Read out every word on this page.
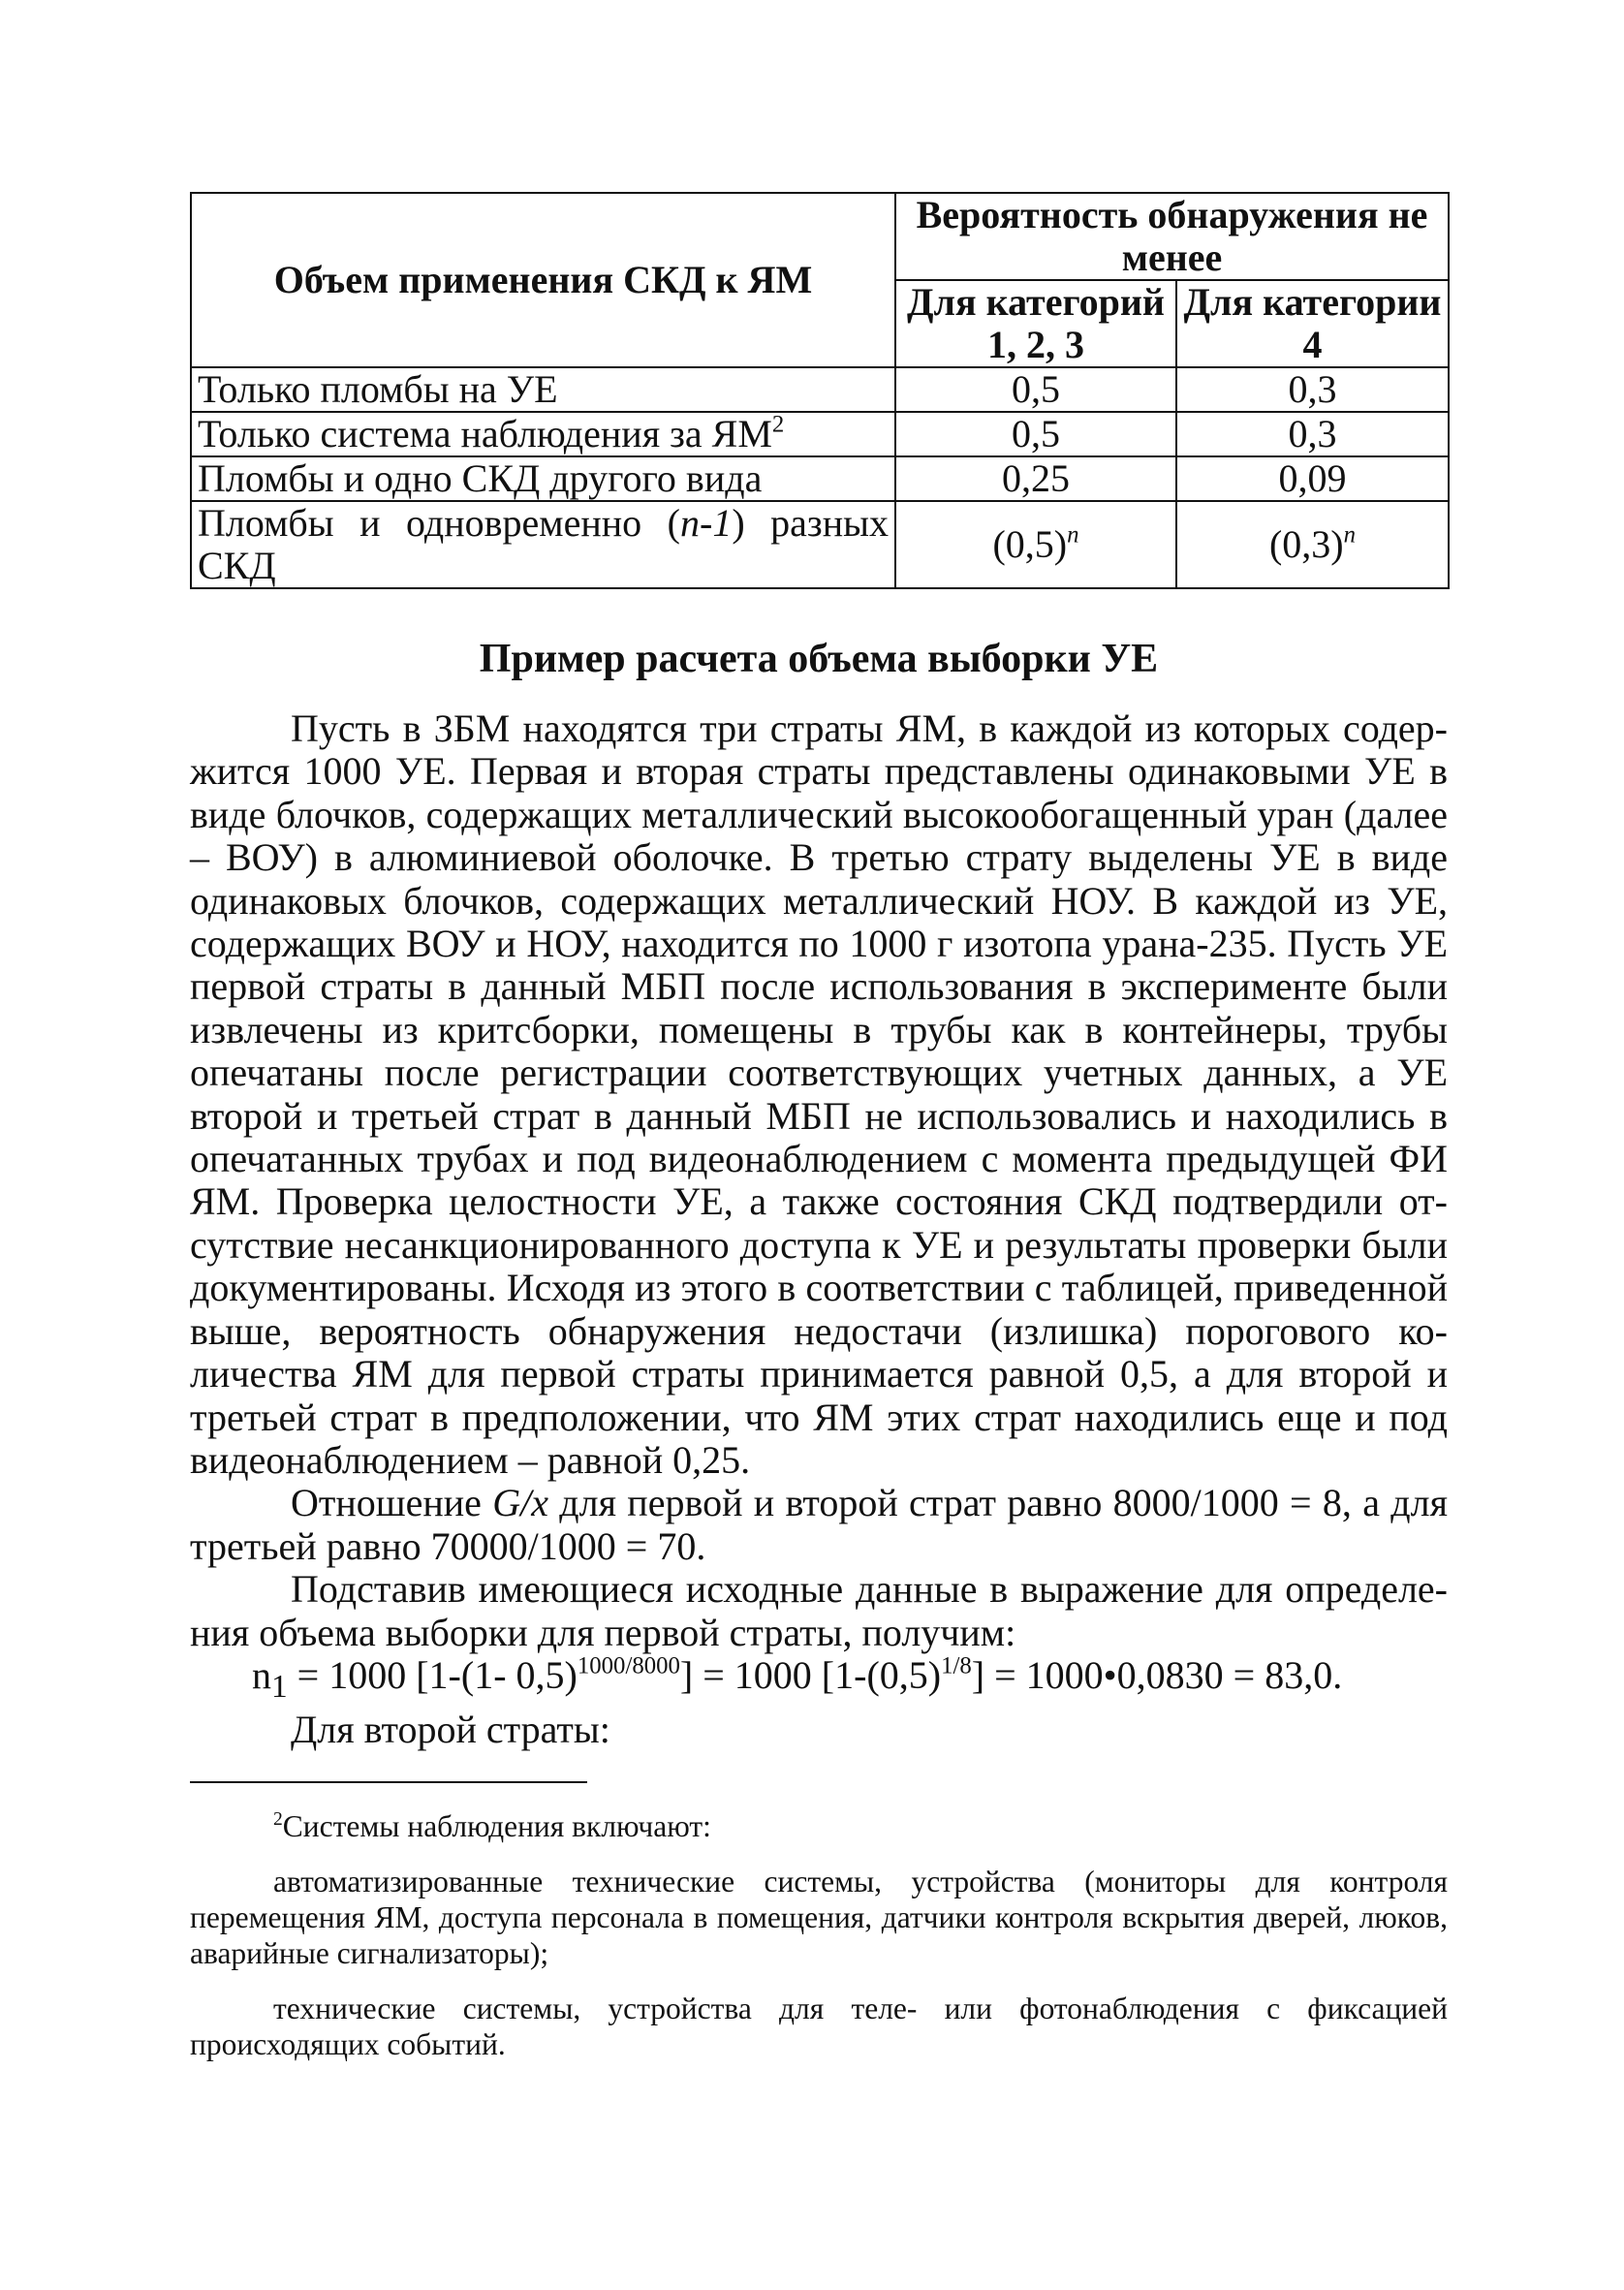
Объем применения СКД к ЯМ	Вероятность обнаружения не менее	
	Для категорий 1, 2, 3	Для категории 4
Только пломбы на УЕ	0,5	0,3
Только система наблюдения за $ЯМ^2$	0,5	0,3
Пломбы и одно СКД другого вида	0,25	0,09
Пломбы и одновременно (n-1) разных СКД	$(0,5)^n$	$(0,3)^n$
Пример расчета объема выборки УЕ

Пусть в ЗБМ находятся три страты ЯМ, в каждой из которых содержится 1000 УЕ. Первая и вторая страты представлены одинаковыми УЕ в виде блочков, содержащих металлический высокообогащенный уран (далее – ВОУ) в алюминиевой оболочке. В третью страту выделены УЕ в виде одинаковых блочков, содержащих металлический НОУ. В каждой из УЕ, содержащих ВОУ и НОУ, находится по 1000 г изотопа урана-235. Пусть УЕ первой страты в данный МБП после использования в эксперименте были извлечены из критсборки, помещены в трубы как в контейнеры, трубы опечатаны после регистрации соответствующих учетных данных, а УЕ второй и третьей страт в данный МБП не использовались и находились в опечатанных трубах и под видеонаблюдением с момента предыдущей ФИ ЯМ. Проверка целостности УЕ, а также состояния СКД подтвердили отсутствие несанкционированного доступа к УЕ и результаты проверки были документированы. Исходя из этого в соответствии с таблицей, приведенной выше, вероятность обнаружения недостачи (излишка) порогового количества ЯМ для первой страты принимается равной 0,5, а для второй и третьей страт в предположении, что ЯМ этих страт находились еще и под видеонаблюдением – равной 0,25.

Отношение G/x для первой и второй страт равно 8000/1000 = 8, а для третьей равно 70000/1000 = 70.

Подставив имеющиеся исходные данные в выражение для определения объема выборки для первой страты, получим:

$n_1 = 1000$ [1-(1- 0,5)$^{1000/8000}$] = 1000 $[1-(0,5)^{1/8}]$ = 1000•0,0830 = 83,0.

Для второй страты:

$^2$Системы наблюдения включают:

автоматизированные технические системы, устройства (мониторы для контроля перемещения ЯМ, доступа персонала в помещения, датчики контроля вскрытия дверей, люков, аварийные сигнализаторы);

технические системы, устройства для теле- или фотонаблюдения с фиксацией происходящих событий.
